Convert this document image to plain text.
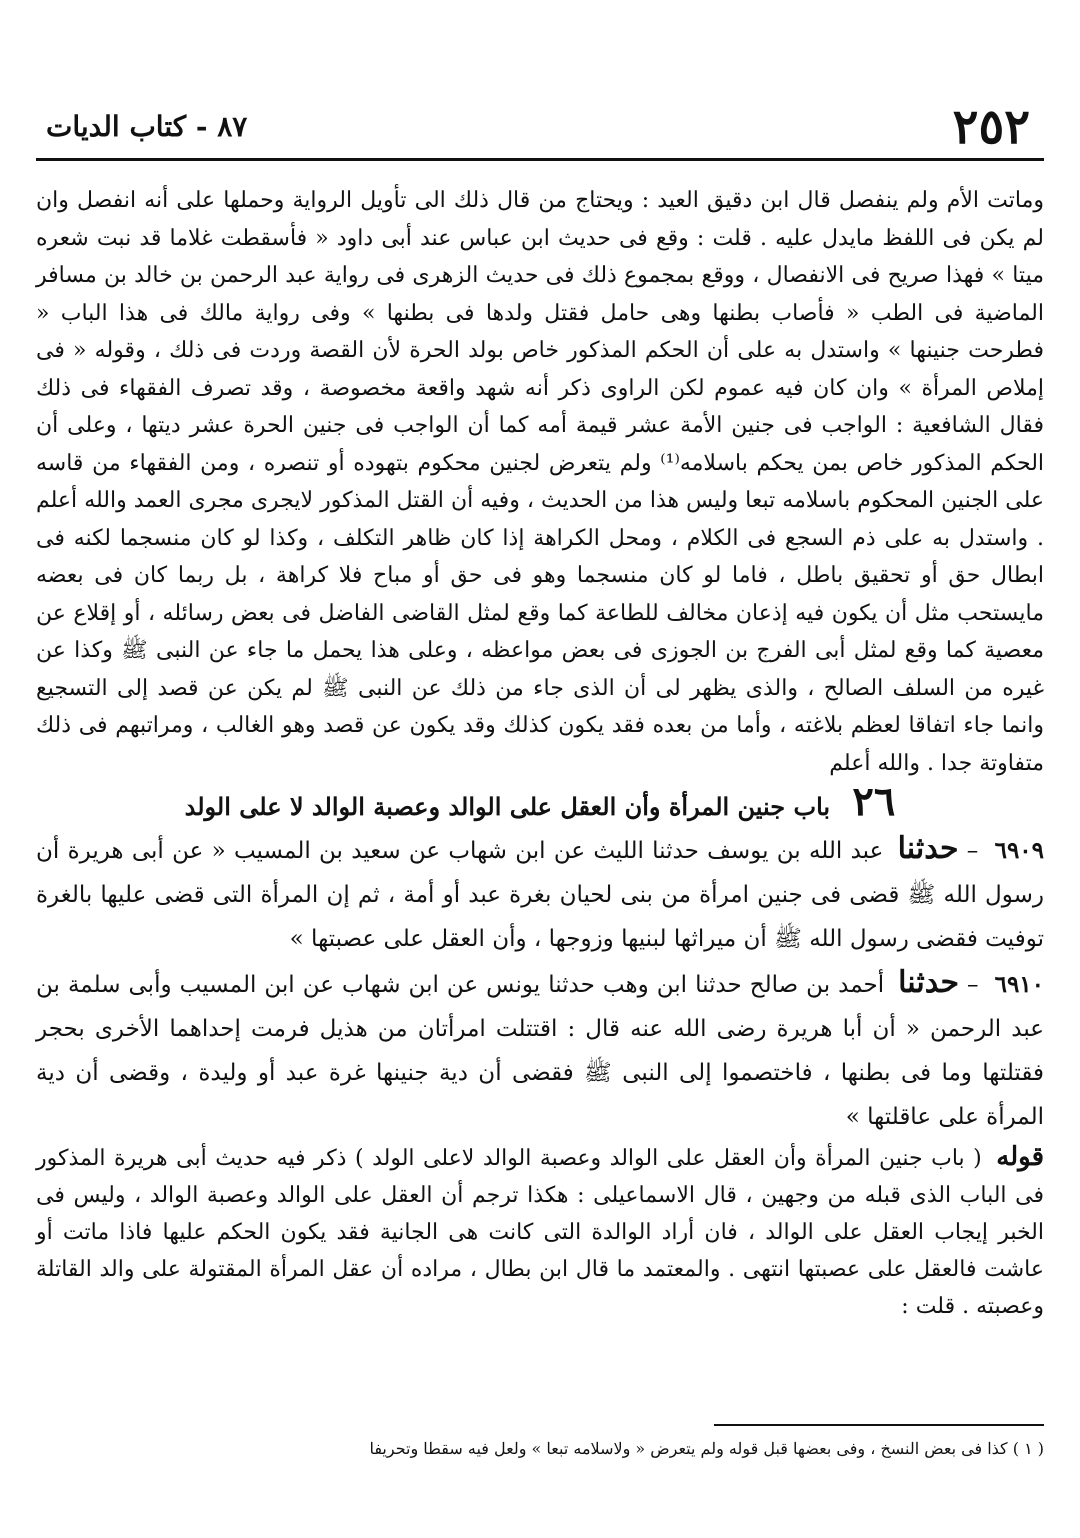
٢٥٢
٨٧ - كتاب الديات

وماتت الأم ولم ينفصل قال ابن دقيق العيد : ويحتاج من قال ذلك الى تأويل الرواية وحملها على أنه انفصل وان لم يكن فى اللفظ مايدل عليه . قلت : وقع فى حديث ابن عباس عند أبى داود « فأسقطت غلاما قد نبت شعره ميتا » فهذا صريح فى الانفصال ، ووقع بمجموع ذلك فى حديث الزهرى فى رواية عبد الرحمن بن خالد بن مسافر الماضية فى الطب « فأصاب بطنها وهى حامل فقتل ولدها فى بطنها » وفى رواية مالك فى هذا الباب « فطرحت جنينها » واستدل به على أن الحكم المذكور خاص بولد الحرة لأن القصة وردت فى ذلك ، وقوله « فى إملاص المرأة » وان كان فيه عموم لكن الراوى ذكر أنه شهد واقعة مخصوصة ، وقد تصرف الفقهاء فى ذلك فقال الشافعية : الواجب فى جنين الأمة عشر قيمة أمه كما أن الواجب فى جنين الحرة عشر ديتها ، وعلى أن الحكم المذكور خاص بمن يحكم باسلامه⁽¹⁾ ولم يتعرض لجنين محكوم بتهوده أو تنصره ، ومن الفقهاء من قاسه على الجنين المحكوم باسلامه تبعا وليس هذا من الحديث ، وفيه أن القتل المذكور لايجرى مجرى العمد والله أعلم . واستدل به على ذم السجع فى الكلام ، ومحل الكراهة إذا كان ظاهر التكلف ، وكذا لو كان منسجما لكنه فى ابطال حق أو تحقيق باطل ، فاما لو كان منسجما وهو فى حق أو مباح فلا كراهة ، بل ربما كان فى بعضه مايستحب مثل أن يكون فيه إذعان مخالف للطاعة كما وقع لمثل القاضى الفاضل فى بعض رسائله ، أو إقلاع عن معصية كما وقع لمثل أبى الفرج بن الجوزى فى بعض مواعظه ، وعلى هذا يحمل ما جاء عن النبى ﷺ وكذا عن غيره من السلف الصالح ، والذى يظهر لى أن الذى جاء من ذلك عن النبى ﷺ لم يكن عن قصد إلى التسجيع وانما جاء اتفاقا لعظم بلاغته ، وأما من بعده فقد يكون كذلك وقد يكون عن قصد وهو الغالب ، ومراتبهم فى ذلك متفاوتة جدا . والله أعلم

٢٦ باب جنين المرأة وأن العقل على الوالد وعصبة الوالد لا على الولد

٦٩٠٩ – حدثنا عبد الله بن يوسف حدثنا الليث عن ابن شهاب عن سعيد بن المسيب « عن أبى هريرة أن رسول الله ﷺ قضى فى جنين امرأة من بنى لحيان بغرة عبد أو أمة ، ثم إن المرأة التى قضى عليها بالغرة توفيت فقضى رسول الله ﷺ أن ميراثها لبنيها وزوجها ، وأن العقل على عصبتها »

٦٩١٠ – حدثنا أحمد بن صالح حدثنا ابن وهب حدثنا يونس عن ابن شهاب عن ابن المسيب وأبى سلمة بن عبد الرحمن « أن أبا هريرة رضى الله عنه قال : اقتتلت امرأتان من هذيل فرمت إحداهما الأخرى بحجر فقتلتها وما فى بطنها ، فاختصموا إلى النبى ﷺ فقضى أن دية جنينها غرة عبد أو وليدة ، وقضى أن دية المرأة على عاقلتها »

قوله ( باب جنين المرأة وأن العقل على الوالد وعصبة الوالد لاعلى الولد ) ذكر فيه حديث أبى هريرة المذكور فى الباب الذى قبله من وجهين ، قال الاسماعيلى : هكذا ترجم أن العقل على الوالد وعصبة الوالد ، وليس فى الخبر إيجاب العقل على الوالد ، فان أراد الوالدة التى كانت هى الجانية فقد يكون الحكم عليها فاذا ماتت أو عاشت فالعقل على عصبتها انتهى . والمعتمد ما قال ابن بطال ، مراده أن عقل المرأة المقتولة على والد القاتلة وعصبته . قلت :

( ١ ) كذا فى بعض النسخ ، وفى بعضها قبل قوله ولم يتعرض « ولاسلامه تبعا » ولعل فيه سقطا وتحريفا
